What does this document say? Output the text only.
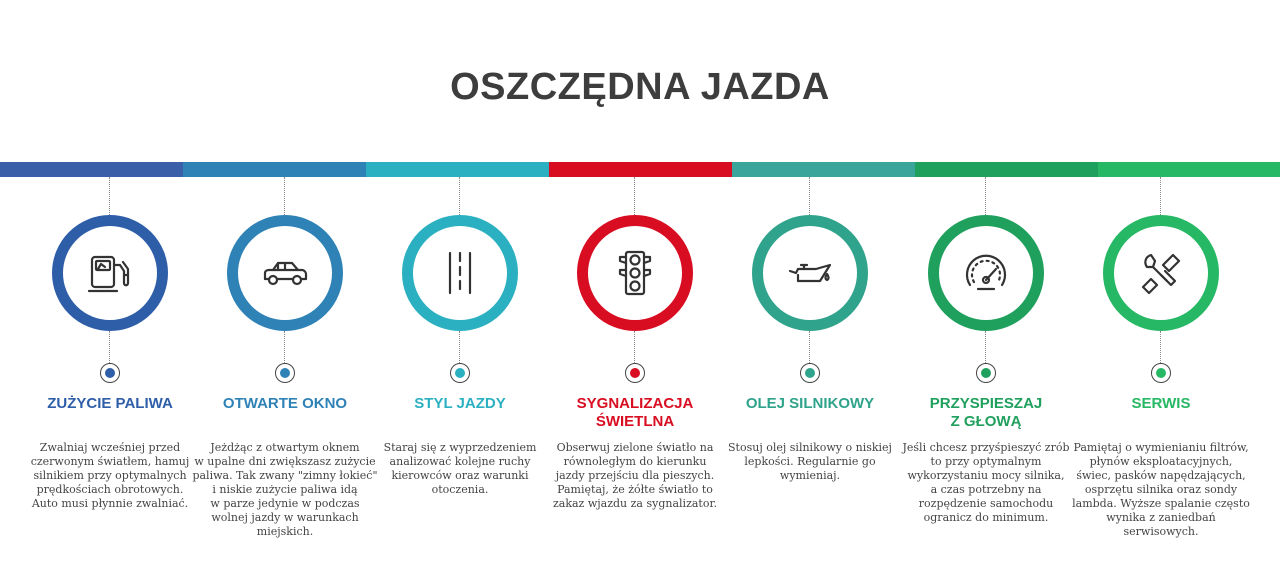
OSZCZĘDNA JAZDA
ZUŻYCIE PALIWA
Zwalniaj wcześniej przed
czerwonym światłem, hamuj
silnikiem przy optymalnych
prędkościach obrotowych.
Auto musi płynnie zwalniać.
OTWARTE OKNO
Jeżdżąc z otwartym oknem
w upalne dni zwiększasz zużycie
paliwa. Tak zwany "zimny łokieć"
i niskie zużycie paliwa idą
w parze jedynie w podczas
wolnej jazdy w warunkach
miejskich.
STYL JAZDY
Staraj się z wyprzedzeniem
analizować kolejne ruchy
kierowców oraz warunki
otoczenia.
SYGNALIZACJA
ŚWIETLNA
Obserwuj zielone światło na
równoległym do kierunku
jazdy przejściu dla pieszych.
Pamiętaj, że żółte światło to
zakaz wjazdu za sygnalizator.
OLEJ SILNIKOWY
Stosuj olej silnikowy o niskiej
lepkości. Regularnie go
wymieniaj.
PRZYSPIESZAJ
Z GŁOWĄ
Jeśli chcesz przyśpieszyć zrób
to przy optymalnym
wykorzystaniu mocy silnika,
a czas potrzebny na
rozpędzenie samochodu
ogranicz do minimum.
SERWIS
Pamiętaj o wymienianiu filtrów,
płynów eksploatacyjnych,
świec, pasków napędzających,
osprzętu silnika oraz sondy
lambda. Wyższe spalanie często
wynika z zaniedbań
serwisowych.
